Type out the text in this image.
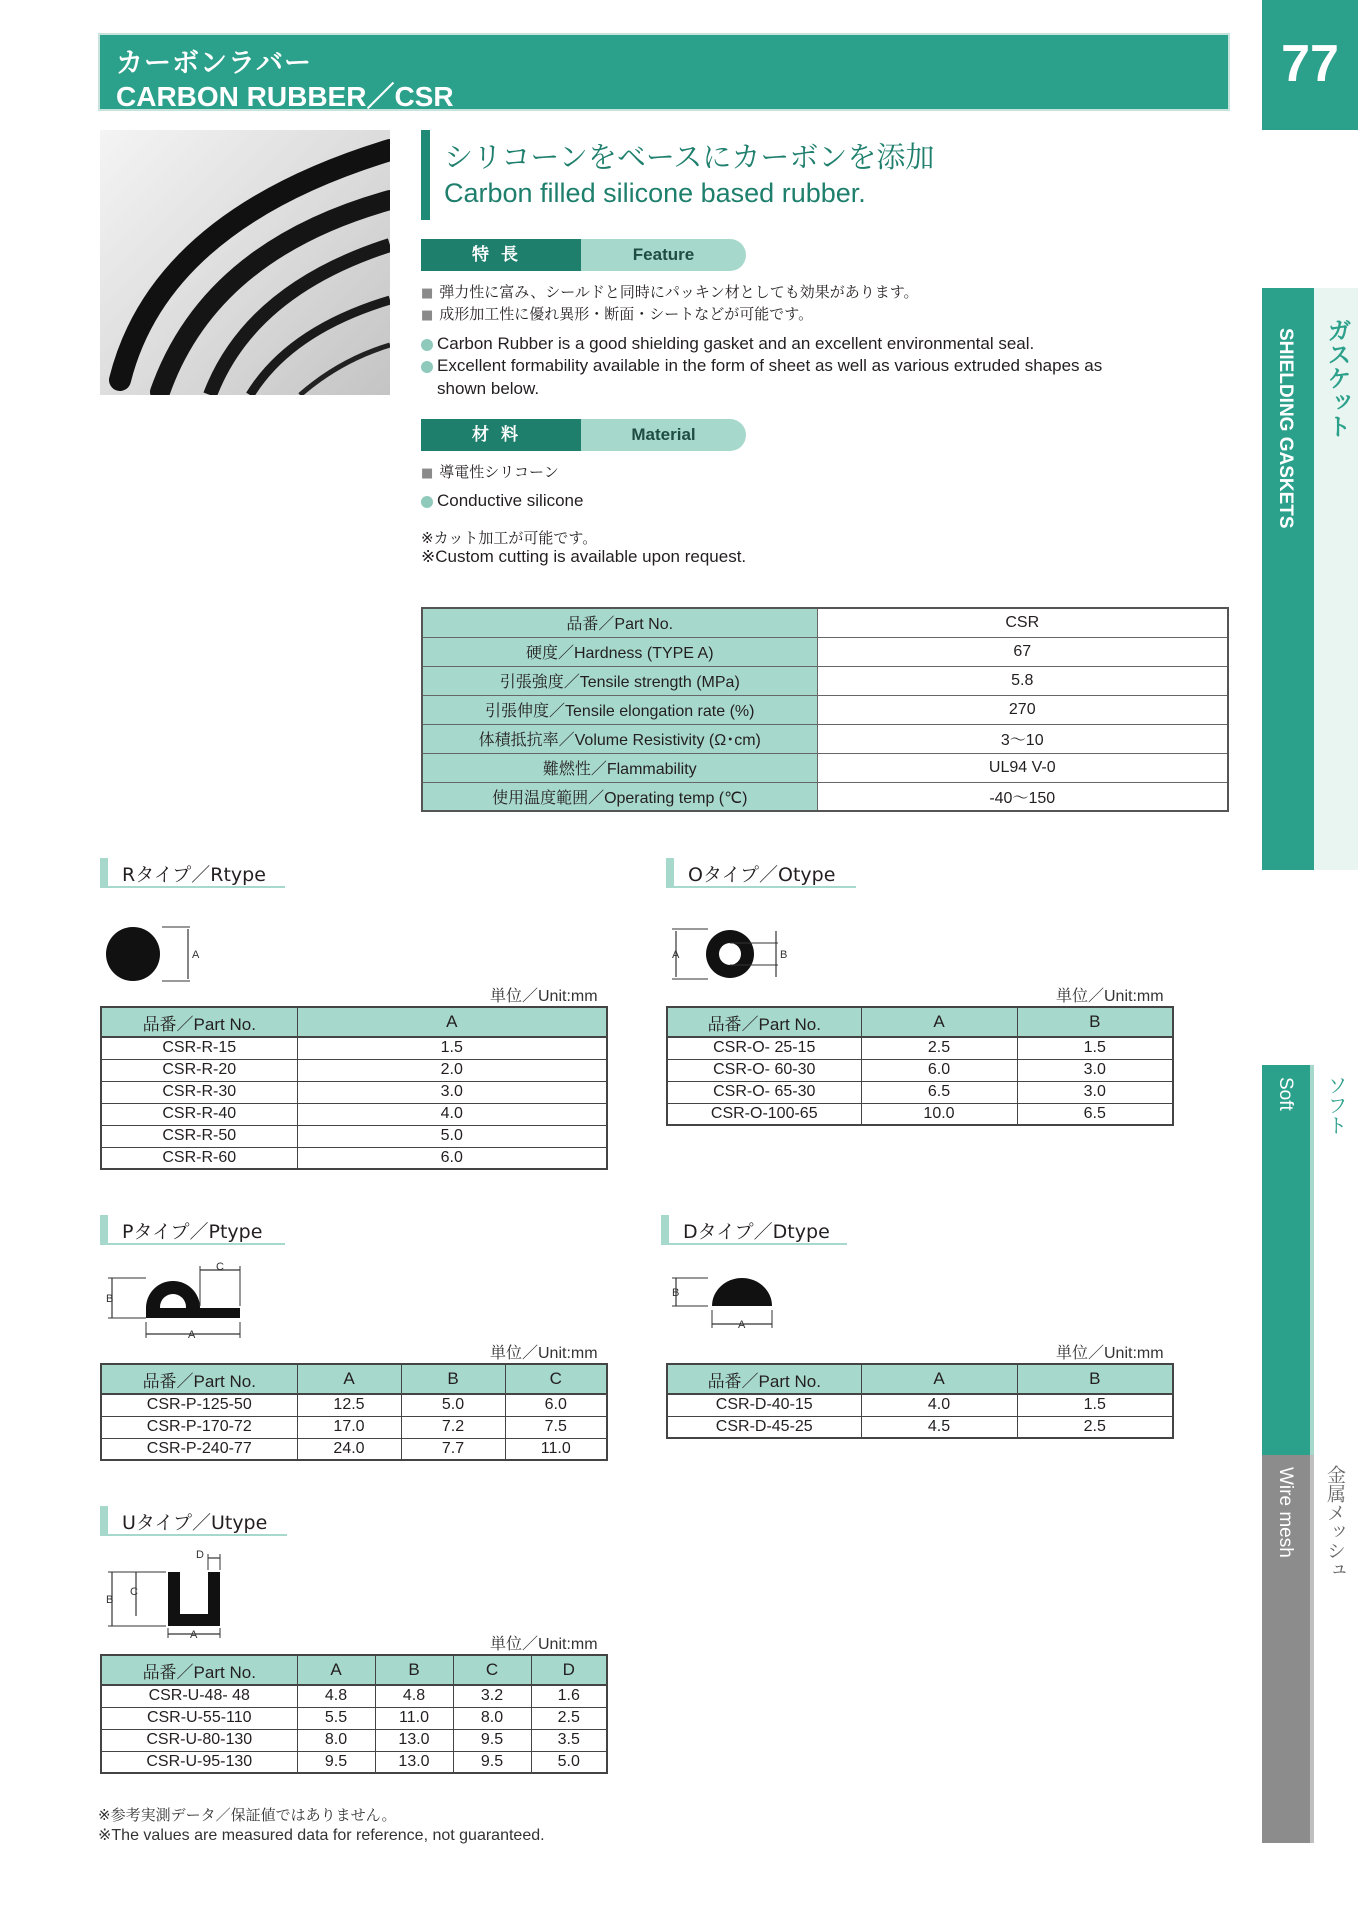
カーボンラバー
CARBON RUBBER／CSR
77
シリコーンをベースにカーボンを添加
Carbon filled silicone based rubber.
特長	Feature
■ 弾力性に富み、シールドと同時にパッキン材としても効果があります。
■ 成形加工性に優れ異形・断面・シートなどが可能です。
Carbon Rubber is a good shielding gasket and an excellent environmental seal.
Excellent formability available in the form of sheet as well as various extruded shapes as
shown below.
材料	Material
■ 導電性シリコーン
Conductive silicone
※カット加工が可能です。
※Custom cutting is available upon request.
品番／Part No.	CSR
硬度／Hardness (TYPE A)	67
引張強度／Tensile strength (MPa)	5.8
引張伸度／Tensile elongation rate (%)	270
体積抵抗率／Volume Resistivity (Ω･cm)	3～10
難燃性／Flammability	UL94 V-0
使用温度範囲／Operating temp (℃)	-40～150
Rタイプ／Rtype
A
単位／Unit:mm
品番／Part No.	A
CSR-R-15	1.5
CSR-R-20	2.0
CSR-R-30	3.0
CSR-R-40	4.0
CSR-R-50	5.0
CSR-R-60	6.0
Oタイプ／Otype
A	B
単位／Unit:mm
品番／Part No.	A	B
CSR-O- 25-15	2.5	1.5
CSR-O- 60-30	6.0	3.0
CSR-O- 65-30	6.5	3.0
CSR-O-100-65	10.0	6.5
Pタイプ／Ptype
B
C
A
単位／Unit:mm
品番／Part No.	A	B	C
CSR-P-125-50	12.5	5.0	6.0
CSR-P-170-72	17.0	7.2	7.5
CSR-P-240-77	24.0	7.7	11.0
Dタイプ／Dtype
B
A
単位／Unit:mm
品番／Part No.	A	B
CSR-D-40-15	4.0	1.5
CSR-D-45-25	4.5	2.5
Uタイプ／Utype
B
C
D
A
単位／Unit:mm
品番／Part No.	A	B	C	D
CSR-U-48- 48	4.8	4.8	3.2	1.6
CSR-U-55-110	5.5	11.0	8.0	2.5
CSR-U-80-130	8.0	13.0	9.5	3.5
CSR-U-95-130	9.5	13.0	9.5	5.0
※参考実測データ／保証値ではありません。
※The values are measured data for reference, not guaranteed.
SHIELDING GASKETS ガスケット
Soft ソフト
Wire mesh 金属メッシュ
